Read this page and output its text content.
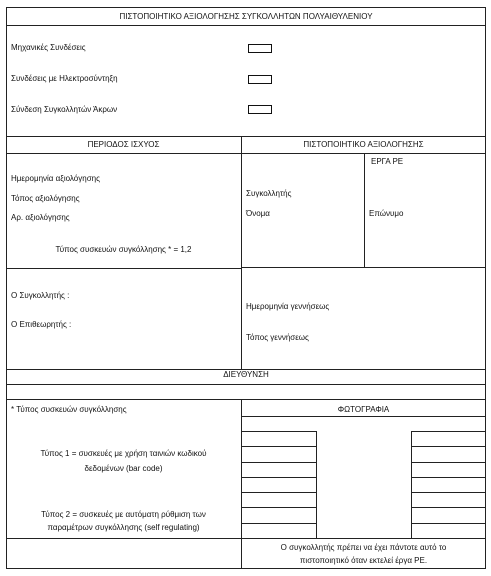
ΠΙΣΤΟΠΟΙΗΤΙΚΟ ΑΞΙΟΛΟΓΗΣΗΣ ΣΥΓΚΟΛΛΗΤΩΝ ΠΟΛΥΑΙΘΥΛΕΝΙΟΥ
Μηχανικές Συνδέσεις
Συνδέσεις με Ηλεκτροσύντηξη
Σύνδεση Συγκολλητών Άκρων
ΠΕΡΙΟΔΟΣ ΙΣΧΥΟΣ	ΠΙΣΤΟΠΟΙΗΤΙΚΟ ΑΞΙΟΛΟΓΗΣΗΣ
Ημερομηνία αξιολόγησης
Τόπος αξιολόγησης
Αρ. αξιολόγησης
Τύπος συσκευών συγκόλλησης * = 1,2
Ο Συγκολλητής :
Ο Επιθεωρητής :
ΕΡΓΑ ΡΕ
Συγκολλητής
Όνομα	Επώνυμο
Ημερομηνία γεννήσεως
Τόπος γεννήσεως
ΔΙΕΥΘΥΝΣΗ
* Τύπος συσκευών συγκόλλησης
Τύπος 1 = συσκευές με χρήση ταινιών κωδικού
δεδομένων (bar code)
Τύπος 2 = συσκευές με αυτόματη ρύθμιση των
παραμέτρων συγκόλλησης (self regulating)
ΦΩΤΟΓΡΑΦΙΑ
Ο συγκολλητής πρέπει να έχει πάντοτε αυτό το
πιστοποιητικό όταν εκτελεί έργα ΡΕ.
